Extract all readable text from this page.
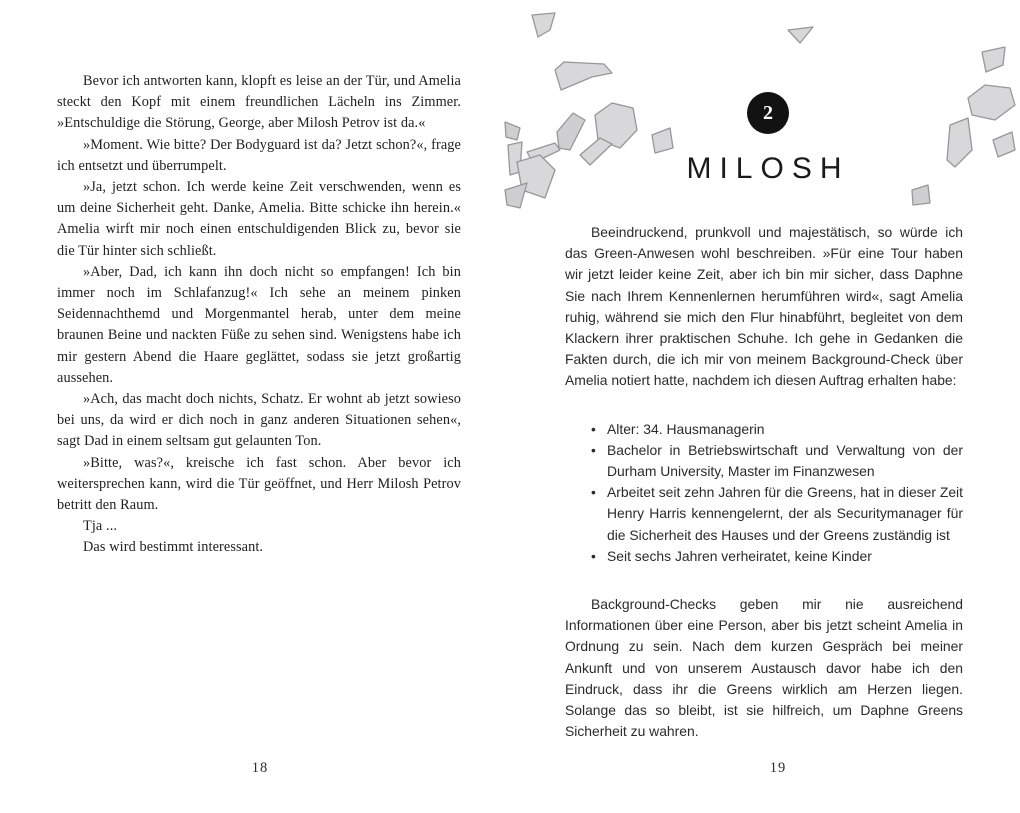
Bevor ich antworten kann, klopft es leise an der Tür, und Amelia steckt den Kopf mit einem freundlichen Lächeln ins Zimmer. »Entschuldige die Störung, George, aber Milosh Petrov ist da.«

»Moment. Wie bitte? Der Bodyguard ist da? Jetzt schon?«, frage ich entsetzt und überrumpelt.

»Ja, jetzt schon. Ich werde keine Zeit verschwenden, wenn es um deine Sicherheit geht. Danke, Amelia. Bitte schicke ihn herein.« Amelia wirft mir noch einen entschuldigenden Blick zu, bevor sie die Tür hinter sich schließt.

»Aber, Dad, ich kann ihn doch nicht so empfangen! Ich bin immer noch im Schlafanzug!« Ich sehe an meinem pinken Seidennachthemd und Morgenmantel herab, unter dem meine braunen Beine und nackten Füße zu sehen sind. Wenigstens habe ich mir gestern Abend die Haare geglättet, sodass sie jetzt großartig aussehen.

»Ach, das macht doch nichts, Schatz. Er wohnt ab jetzt sowieso bei uns, da wird er dich noch in ganz anderen Situationen sehen«, sagt Dad in einem seltsam gut gelaunten Ton.

»Bitte, was?«, kreische ich fast schon. Aber bevor ich weitersprechen kann, wird die Tür geöffnet, und Herr Milosh Petrov betritt den Raum.

Tja ...

Das wird bestimmt interessant.

18
2
MILOSH

Beeindruckend, prunkvoll und majestätisch, so würde ich das Green-Anwesen wohl beschreiben. »Für eine Tour haben wir jetzt leider keine Zeit, aber ich bin mir sicher, dass Daphne Sie nach Ihrem Kennenlernen herumführen wird«, sagt Amelia ruhig, während sie mich den Flur hinabführt, begleitet von dem Klackern ihrer praktischen Schuhe. Ich gehe in Gedanken die Fakten durch, die ich mir von meinem Background-Check über Amelia notiert hatte, nachdem ich diesen Auftrag erhalten habe:

• Alter: 34. Hausmanagerin
• Bachelor in Betriebswirtschaft und Verwaltung von der Durham University, Master im Finanzwesen
• Arbeitet seit zehn Jahren für die Greens, hat in dieser Zeit Henry Harris kennengelernt, der als Securitymanager für die Sicherheit des Hauses und der Greens zuständig ist
• Seit sechs Jahren verheiratet, keine Kinder

Background-Checks geben mir nie ausreichend Informationen über eine Person, aber bis jetzt scheint Amelia in Ordnung zu sein. Nach dem kurzen Gespräch bei meiner Ankunft und von unserem Austausch davor habe ich den Eindruck, dass ihr die Greens wirklich am Herzen liegen. Solange das so bleibt, ist sie hilfreich, um Daphne Greens Sicherheit zu wahren.

19
